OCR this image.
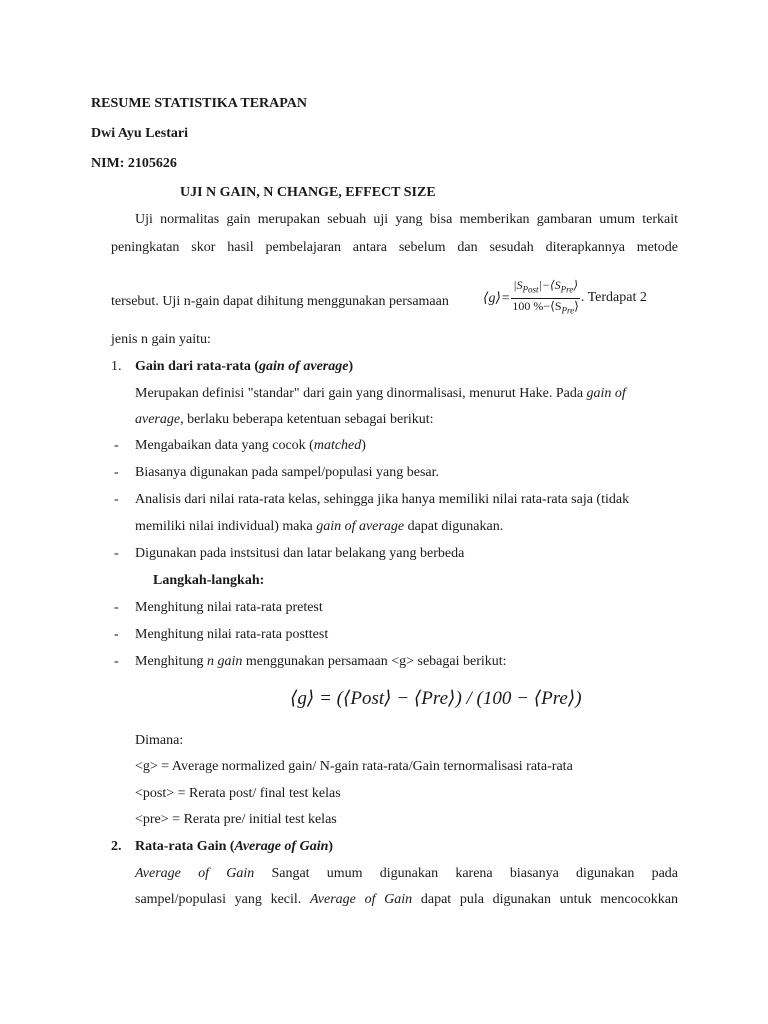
RESUME STATISTIKA TERAPAN
Dwi Ayu Lestari
NIM: 2105626
UJI N GAIN, N CHANGE, EFFECT SIZE
Uji normalitas gain merupakan sebuah uji yang bisa memberikan gambaran umum terkait
peningkatan skor hasil pembelajaran antara sebelum dan sesudah diterapkannya metode
tersebut. Uji n-gain dapat dihitung menggunakan persamaan ⟨g⟩= $\frac{|S_{Post}|-⟨S_{Pre}⟩}{100 \%-⟨S_{Pre}⟩}$ . Terdapat 2
jenis n gain yaitu:
1. Gain dari rata-rata (gain of average)
Merupakan definisi "standar" dari gain yang dinormalisasi, menurut Hake. Pada gain of
average, berlaku beberapa ketentuan sebagai berikut:
- Mengabaikan data yang cocok (matched)
- Biasanya digunakan pada sampel/populasi yang besar.
- Analisis dari nilai rata-rata kelas, sehingga jika hanya memiliki nilai rata-rata saja (tidak
memiliki nilai individual) maka gain of average dapat digunakan.
- Digunakan pada instsitusi dan latar belakang yang berbeda
Langkah-langkah:
- Menghitung nilai rata-rata pretest
- Menghitung nilai rata-rata posttest
- Menghitung n gain menggunakan persamaan <g> sebagai berikut:
⟨g⟩ = (⟨Post⟩ − ⟨Pre⟩) / (100 − ⟨Pre⟩)
Dimana:
<g> = Average normalized gain/ N-gain rata-rata/Gain ternormalisasi rata-rata
<post> = Rerata post/ final test kelas
<pre> = Rerata pre/ initial test kelas
2. Rata-rata Gain (Average of Gain)
Average of Gain Sangat umum digunakan karena biasanya digunakan pada
sampel/populasi yang kecil. Average of Gain dapat pula digunakan untuk mencocokkan
